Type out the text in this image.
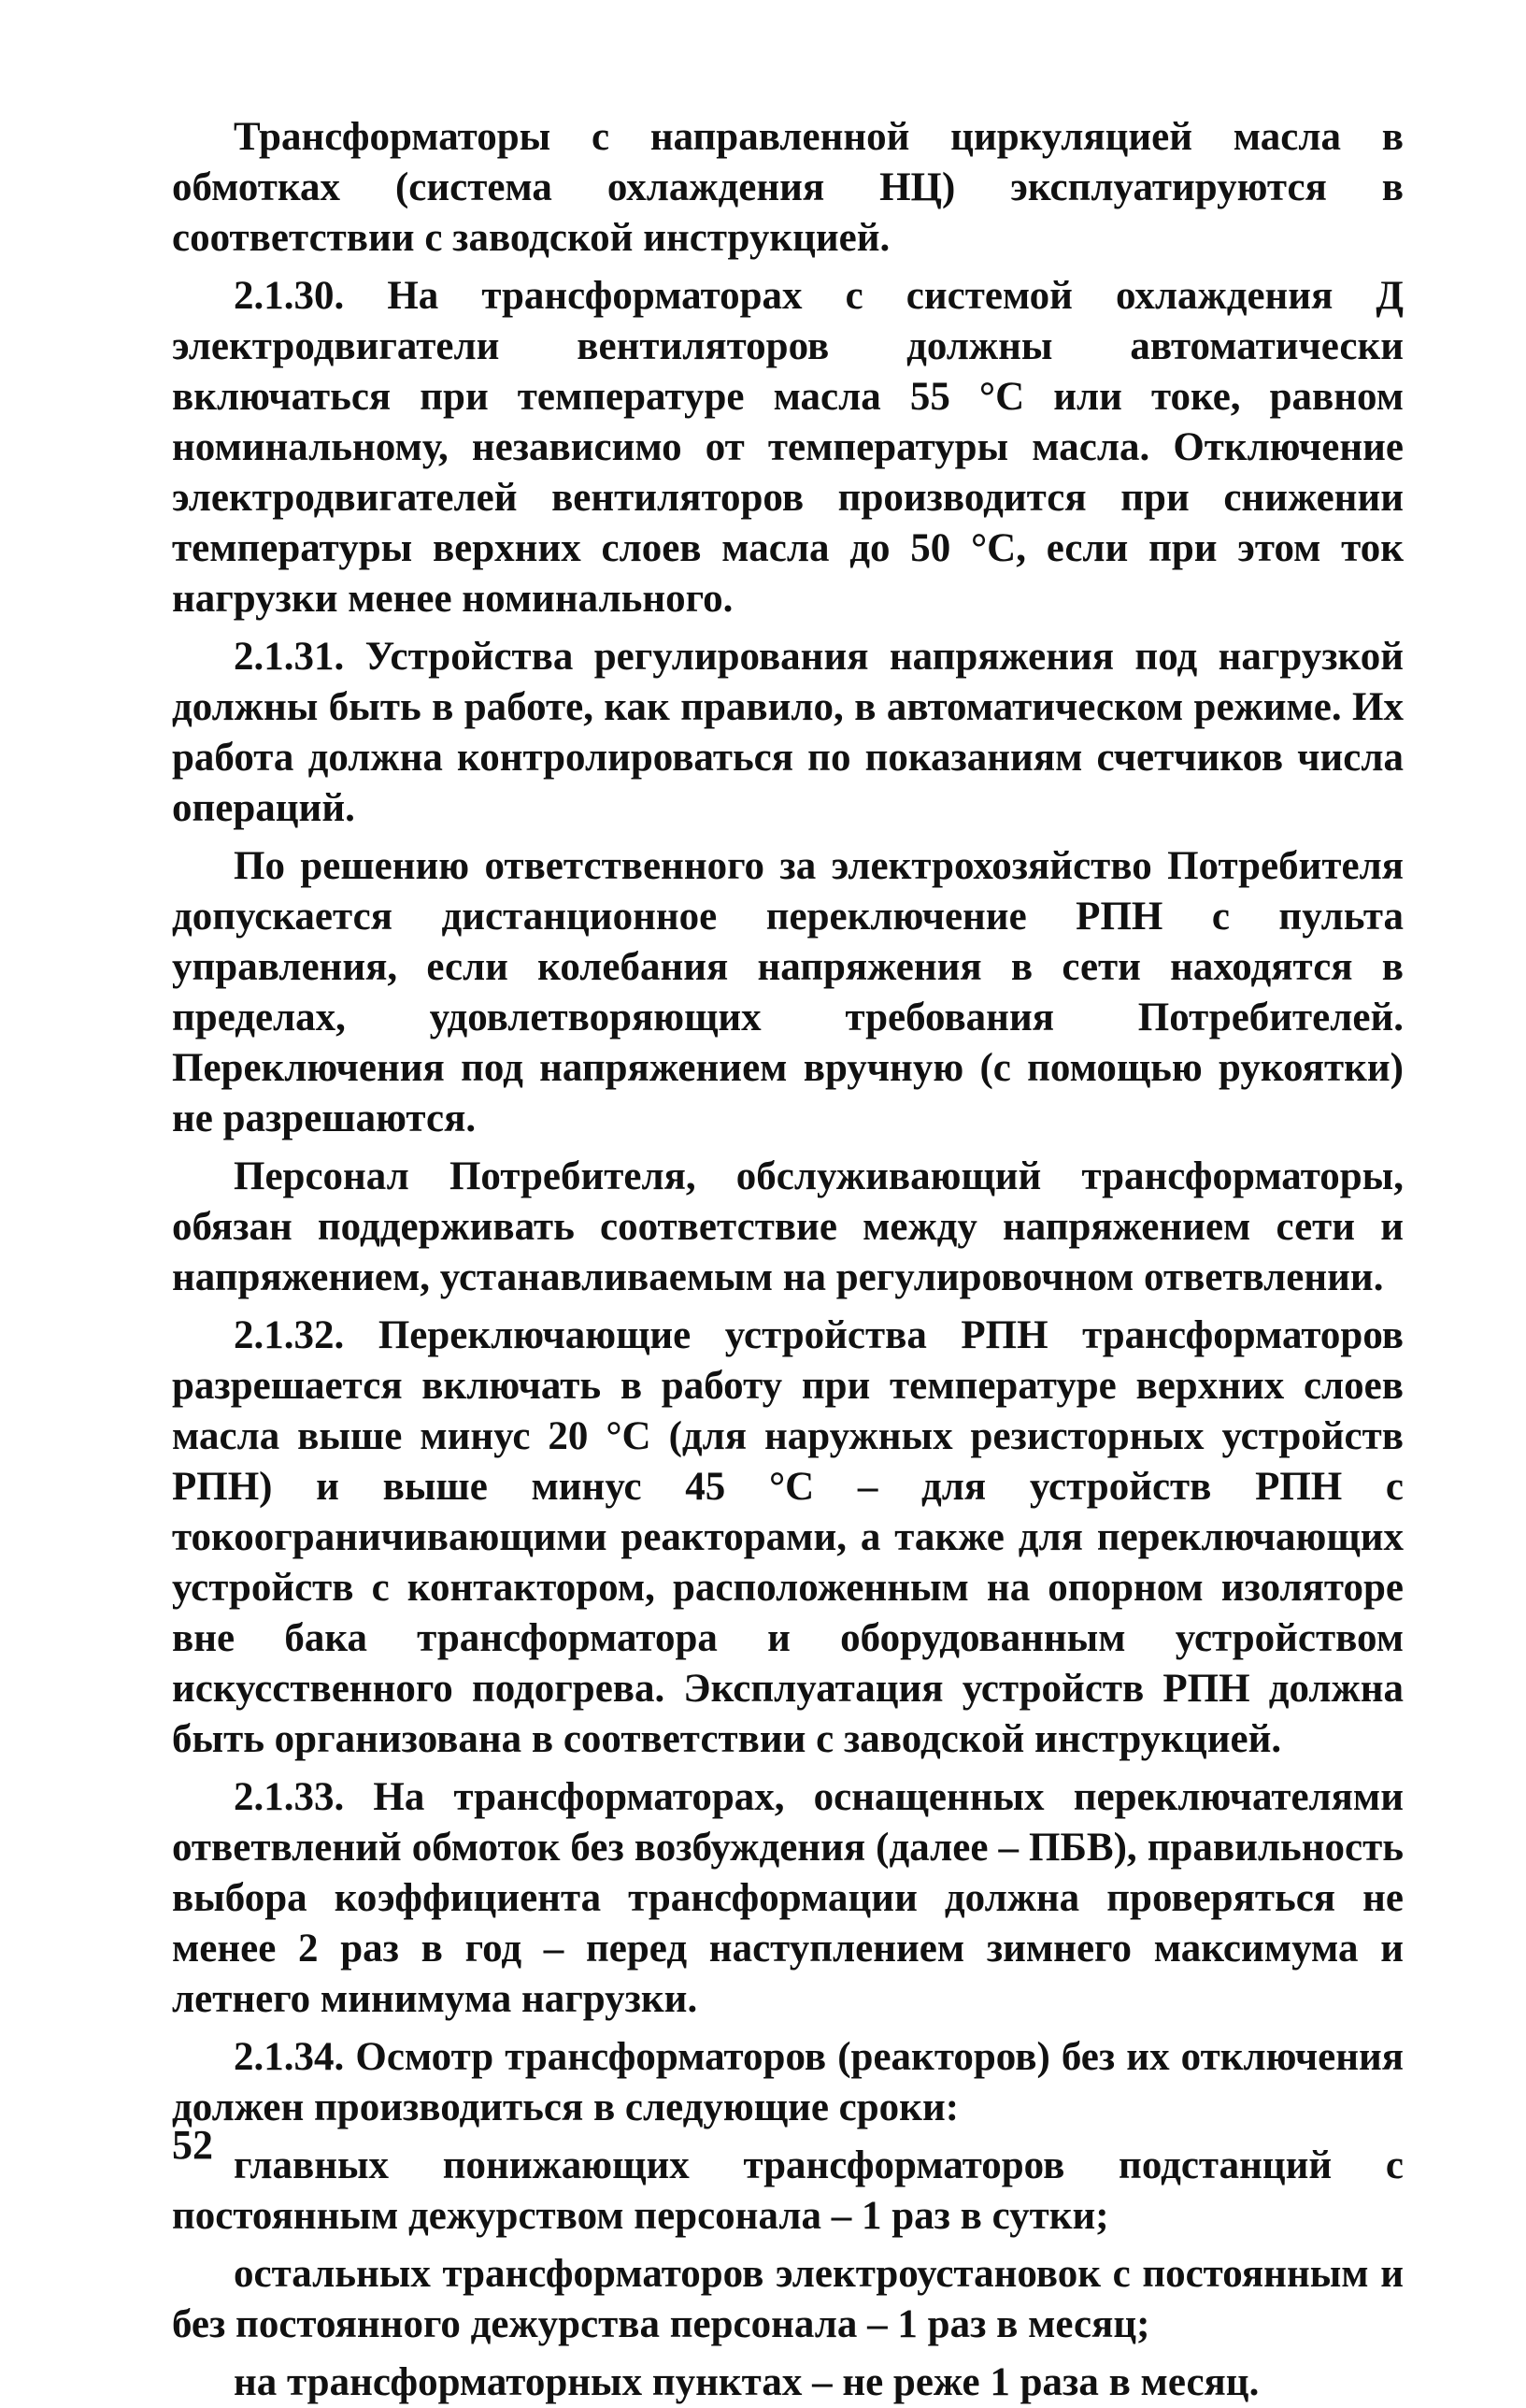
Трансформаторы с направленной циркуляцией масла в обмотках (система охлаждения НЦ) эксплуатируются в соответствии с заводской инструкцией.

2.1.30. На трансформаторах с системой охлаждения Д электродвигатели вентиляторов должны автоматически включаться при температуре масла 55 °С или токе, равном номинальному, независимо от температуры масла. Отключение электродвигателей вентиляторов производится при снижении температуры верхних слоев масла до 50 °С, если при этом ток нагрузки менее номинального.

2.1.31. Устройства регулирования напряжения под нагрузкой должны быть в работе, как правило, в автоматическом режиме. Их работа должна контролироваться по показаниям счетчиков числа операций.

По решению ответственного за электрохозяйство Потребителя допускается дистанционное переключение РПН с пульта управления, если колебания напряжения в сети находятся в пределах, удовлетворяющих требования Потребителей. Переключения под напряжением вручную (с помощью рукоятки) не разрешаются.

Персонал Потребителя, обслуживающий трансформаторы, обязан поддерживать соответствие между напряжением сети и напряжением, устанавливаемым на регулировочном ответвлении.

2.1.32. Переключающие устройства РПН трансформаторов разрешается включать в работу при температуре верхних слоев масла выше минус 20 °С (для наружных резисторных устройств РПН) и выше минус 45 °С – для устройств РПН с токоограничивающими реакторами, а также для переключающих устройств с контактором, расположенным на опорном изоляторе вне бака трансформатора и оборудованным устройством искусственного подогрева. Эксплуатация устройств РПН должна быть организована в соответствии с заводской инструкцией.

2.1.33. На трансформаторах, оснащенных переключателями ответвлений обмоток без возбуждения (далее – ПБВ), правильность выбора коэффициента трансформации должна проверяться не менее 2 раз в год – перед наступлением зимнего максимума и летнего минимума нагрузки.

2.1.34. Осмотр трансформаторов (реакторов) без их отключения должен производиться в следующие сроки:

главных понижающих трансформаторов подстанций с постоянным дежурством персонала – 1 раз в сутки;

остальных трансформаторов электроустановок с постоянным и без постоянного дежурства персонала – 1 раз в месяц;

на трансформаторных пунктах – не реже 1 раза в месяц.

52
